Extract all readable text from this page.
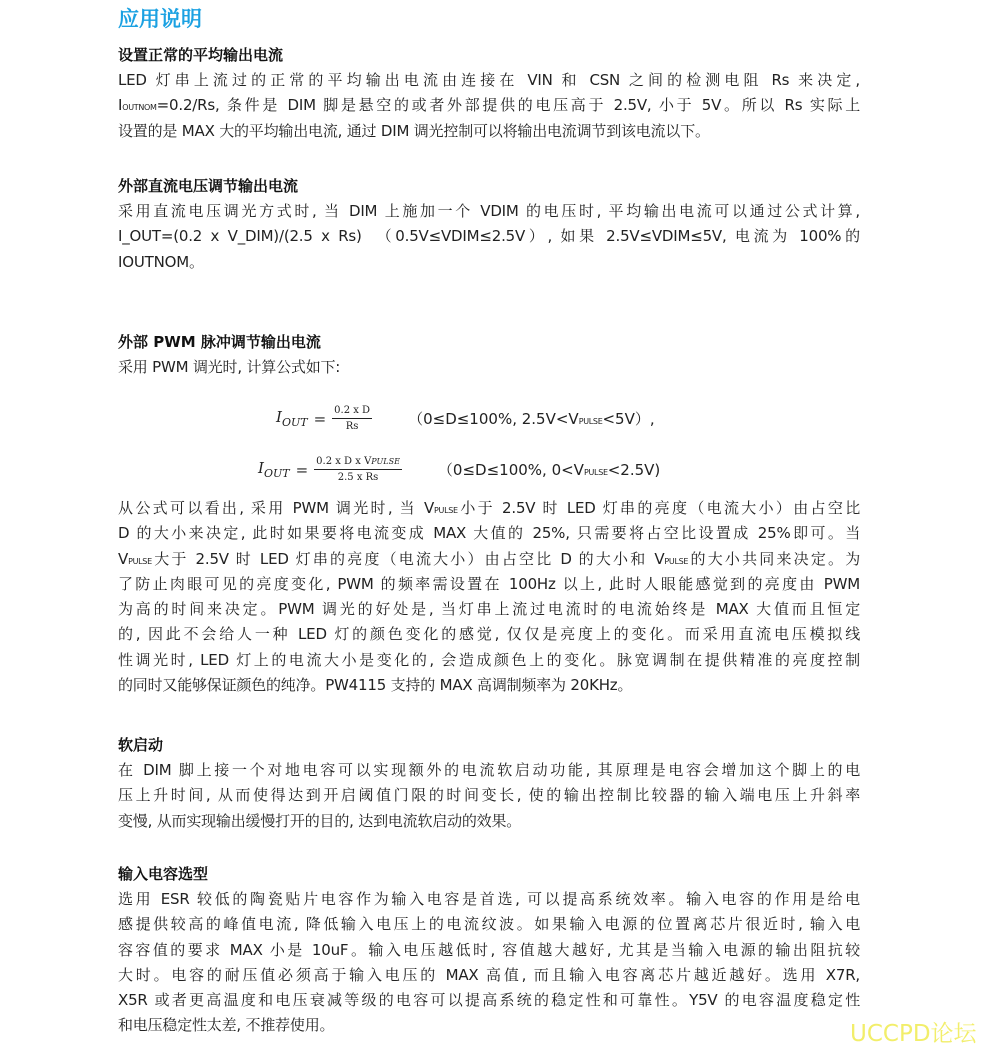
应用说明
设置正常的平均输出电流
LED 灯串上流过的正常的平均输出电流由连接在 VIN 和 CSN 之间的检测电阻 Rs 来决定,
IOUTNOM=0.2/Rs, 条件是 DIM 脚是悬空的或者外部提供的电压高于 2.5V, 小于 5V。所以 Rs 实际上
设置的是 MAX 大的平均输出电流, 通过 DIM 调光控制可以将输出电流调节到该电流以下。
外部直流电压调节输出电流
采用直流电压调光方式时, 当 DIM 上施加一个 VDIM 的电压时, 平均输出电流可以通过公式计算,
I_OUT=(0.2 x V_DIM)/(2.5 x Rs)　（0.5V≤VDIM≤2.5V）, 如果 2.5V≤VDIM≤5V, 电流为 100%的
IOUTNOM。
外部 PWM 脉冲调节输出电流
采用 PWM 调光时, 计算公式如下:
$I_{OUT} = \frac{\text{0.2 x D}}{Rs} (0\le D\le 100\%$, 2.5V<VPULSE<5V）,
$I_{OUT} = \frac{\text{0.2 x D x VPULSE}}{\text{2.5 x Rs}} (0\le D\le 100\%$, 0<VPULSE<2.5V)
从公式可以看出, 采用 PWM 调光时, 当 VPULSE小于 2.5V 时 LED 灯串的亮度（电流大小）由占空比
D 的大小来决定, 此时如果要将电流变成 MAX 大值的 25%, 只需要将占空比设置成 25%即可。当
VPULSE大于 2.5V 时 LED 灯串的亮度（电流大小）由占空比 D 的大小和 VPULSE的大小共同来决定。为
了防止肉眼可见的亮度变化, PWM 的频率需设置在 100Hz 以上, 此时人眼能感觉到的亮度由 PWM
为高的时间来决定。PWM 调光的好处是, 当灯串上流过电流时的电流始终是 MAX 大值而且恒定
的, 因此不会给人一种 LED 灯的颜色变化的感觉, 仅仅是亮度上的变化。而采用直流电压模拟线
性调光时, LED 灯上的电流大小是变化的, 会造成颜色上的变化。脉宽调制在提供精准的亮度控制
的同时又能够保证颜色的纯净。PW4115 支持的 MAX 高调制频率为 20KHz。
软启动
在 DIM 脚上接一个对地电容可以实现额外的电流软启动功能, 其原理是电容会增加这个脚上的电
压上升时间, 从而使得达到开启阈值门限的时间变长, 使的输出控制比较器的输入端电压上升斜率
变慢, 从而实现输出缓慢打开的目的, 达到电流软启动的效果。
输入电容选型
选用 ESR 较低的陶瓷贴片电容作为输入电容是首选, 可以提高系统效率。输入电容的作用是给电
感提供较高的峰值电流, 降低输入电压上的电流纹波。如果输入电源的位置离芯片很近时, 输入电
容容值的要求 MAX 小是 10uF。输入电压越低时, 容值越大越好, 尤其是当输入电源的输出阻抗较
大时。电容的耐压值必须高于输入电压的 MAX 高值, 而且输入电容离芯片越近越好。选用 X7R,
X5R 或者更高温度和电压衰减等级的电容可以提高系统的稳定性和可靠性。Y5V 的电容温度稳定性
和电压稳定性太差, 不推荐使用。	UCCPD论坛
